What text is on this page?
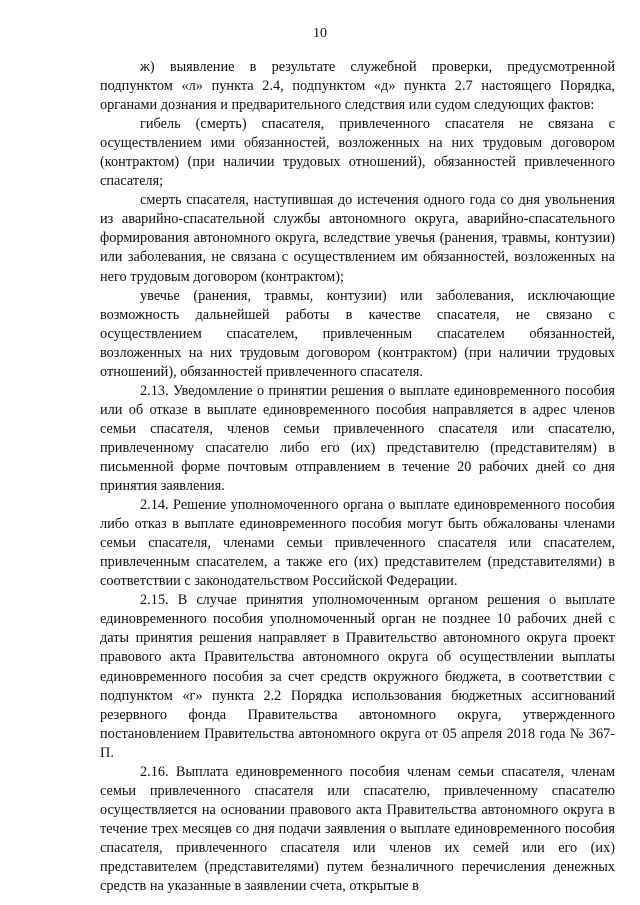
10

ж) выявление в результате служебной проверки, предусмотренной подпунктом «л» пункта 2.4, подпунктом «д» пункта 2.7 настоящего Порядка, органами дознания и предварительного следствия или судом следующих фактов:

гибель (смерть) спасателя, привлеченного спасателя не связана с осуществлением ими обязанностей, возложенных на них трудовым договором (контрактом) (при наличии трудовых отношений), обязанностей привлеченного спасателя;

смерть спасателя, наступившая до истечения одного года со дня увольнения из аварийно-спасательной службы автономного округа, аварийно-спасательного формирования автономного округа, вследствие увечья (ранения, травмы, контузии) или заболевания, не связана с осуществлением им обязанностей, возложенных на него трудовым договором (контрактом);

увечье (ранения, травмы, контузии) или заболевания, исключающие возможность дальнейшей работы в качестве спасателя, не связано с осуществлением спасателем, привлеченным спасателем обязанностей, возложенных на них трудовым договором (контрактом) (при наличии трудовых отношений), обязанностей привлеченного спасателя.

2.13. Уведомление о принятии решения о выплате единовременного пособия или об отказе в выплате единовременного пособия направляется в адрес членов семьи спасателя, членов семьи привлеченного спасателя или спасателю, привлеченному спасателю либо его (их) представителю (представителям) в письменной форме почтовым отправлением в течение 20 рабочих дней со дня принятия заявления.

2.14. Решение уполномоченного органа о выплате единовременного пособия либо отказ в выплате единовременного пособия могут быть обжалованы членами семьи спасателя, членами семьи привлеченного спасателя или спасателем, привлеченным спасателем, а также его (их) представителем (представителями) в соответствии с законодательством Российской Федерации.

2.15. В случае принятия уполномоченным органом решения о выплате единовременного пособия уполномоченный орган не позднее 10 рабочих дней с даты принятия решения направляет в Правительство автономного округа проект правового акта Правительства автономного округа об осуществлении выплаты единовременного пособия за счет средств окружного бюджета, в соответствии с подпунктом «г» пункта 2.2 Порядка использования бюджетных ассигнований резервного фонда Правительства автономного округа, утвержденного постановлением Правительства автономного округа от 05 апреля 2018 года № 367-П.

2.16. Выплата единовременного пособия членам семьи спасателя, членам семьи привлеченного спасателя или спасателю, привлеченному спасателю осуществляется на основании правового акта Правительства автономного округа в течение трех месяцев со дня подачи заявления о выплате единовременного пособия спасателя, привлеченного спасателя или членов их семей или его (их) представителем (представителями) путем безналичного перечисления денежных средств на указанные в заявлении счета, открытые в
